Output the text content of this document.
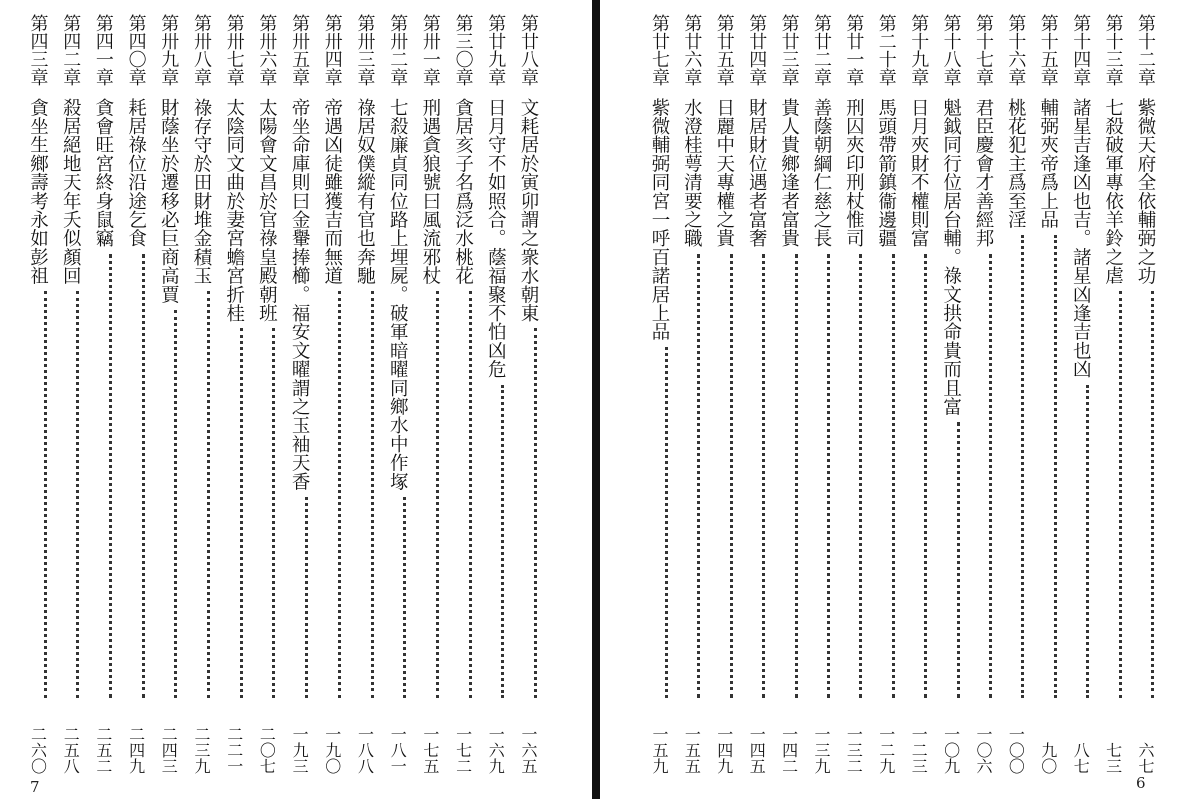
第廿八章
文耗居於寅卯謂之衆水朝東
一六五
第廿九章
日月守不如照合。蔭福聚不怕凶危
一六九
第三〇章
貪居亥子名爲泛水桃花
一七二
第卅一章
刑遇貪狼號曰風流邪杖
一七五
第卅二章
七殺廉貞同位路上埋屍。破軍暗曜同鄉水中作塚
一八一
第卅三章
祿居奴僕縱有官也奔馳
一八八
第卅四章
帝遇凶徒雖獲吉而無道
一九〇
第卅五章
帝坐命庫則曰金轝捧櫛。福安文曜謂之玉袖天香
一九三
第卅六章
太陽會文昌於官祿皇殿朝班
二〇七
第卅七章
太陰同文曲於妻宮蟾宮折桂
二二一
第卅八章
祿存守於田財堆金積玉
二三九
第卅九章
財蔭坐於遷移必巨商高賈
二四三
第四〇章
耗居祿位沿途乞食
二四九
第四一章
貪會旺宮終身鼠竊
二五二
第四二章
殺居絕地天年夭似顏回
二五八
第四三章
貪坐生鄉壽考永如彭祖
二六〇
7
第十二章
紫微天府全依輔弼之功
六七
第十三章
七殺破軍專依羊鈴之虐
七三
第十四章
諸星吉逢凶也吉。諸星凶逢吉也凶
八七
第十五章
輔弼夾帝爲上品
九〇
第十六章
桃花犯主爲至淫
一〇〇
第十七章
君臣慶會才善經邦
一〇六
第十八章
魁鉞同行位居台輔。祿文拱命貴而且富
一〇九
第十九章
日月夾財不權則富
一二三
第二十章
馬頭帶箭鎮衞邊疆
一二九
第廿一章
刑囚夾印刑杖惟司
一三二
第廿二章
善蔭朝綱仁慈之長
一三九
第廿三章
貴人貴鄉逢者富貴
一四二
第廿四章
財居財位遇者富奢
一四五
第廿五章
日麗中天專權之貴
一四九
第廿六章
水澄桂萼清要之職
一五五
第廿七章
紫微輔弼同宮一呼百諾居上品
一五九
6
